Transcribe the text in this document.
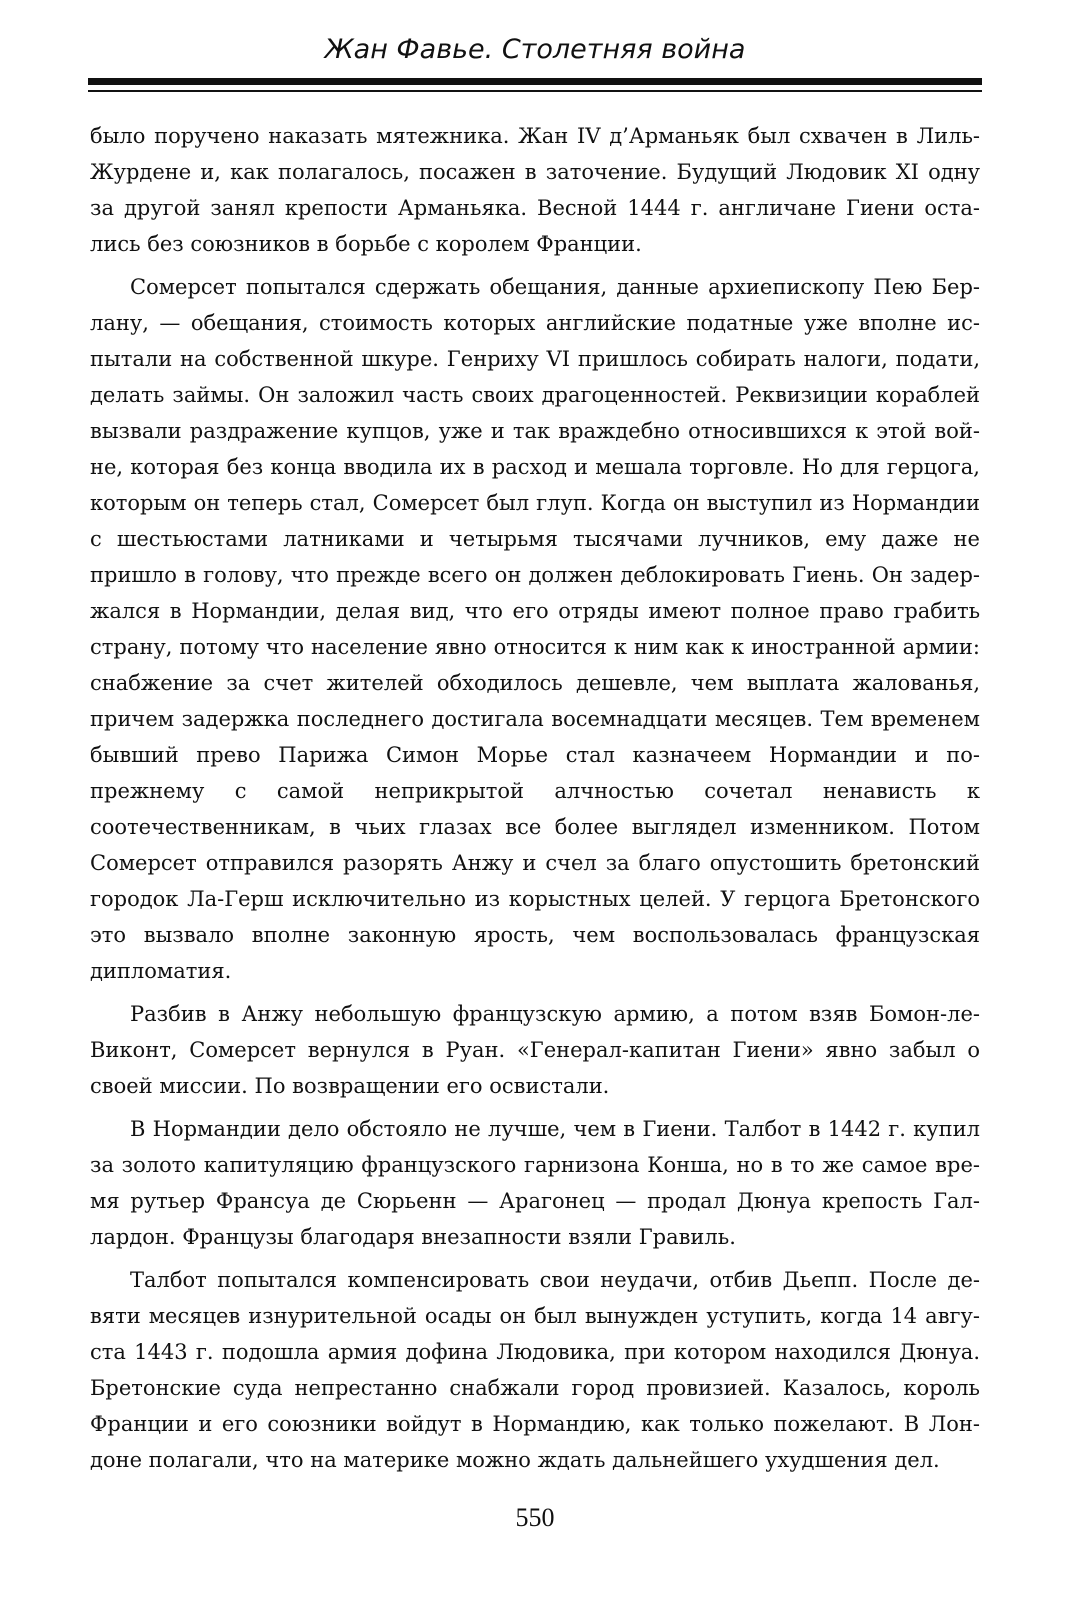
Жан Фавье. Столетняя война

было поручено наказать мятежника. Жан IV д’Арманьяк был схвачен в Лиль-Журдене и, как полагалось, посажен в заточение. Будущий Людовик XI одну за другой занял крепости Арманьяка. Весной 1444 г. англичане Гиени остались без союзников в борьбе с королем Франции.

Сомерсет попытался сдержать обещания, данные архиепископу Пею Берлану, — обещания, стоимость которых английские податные уже вполне испытали на собственной шкуре. Генриху VI пришлось собирать налоги, подати, делать займы. Он заложил часть своих драгоценностей. Реквизиции кораблей вызвали раздражение купцов, уже и так враждебно относившихся к этой войне, которая без конца вводила их в расход и мешала торговле. Но для герцога, которым он теперь стал, Сомерсет был глуп. Когда он выступил из Нормандии с шестьюстами латниками и четырьмя тысячами лучников, ему даже не пришло в голову, что прежде всего он должен деблокировать Гиень. Он задержался в Нормандии, делая вид, что его отряды имеют полное право грабить страну, потому что население явно относится к ним как к иностранной армии: снабжение за счет жителей обходилось дешевле, чем выплата жалованья, причем задержка последнего достигала восемнадцати месяцев. Тем временем бывший прево Парижа Симон Морье стал казначеем Нормандии и по-прежнему с самой неприкрытой алчностью сочетал ненависть к соотечественникам, в чьих глазах все более выглядел изменником. Потом Сомерсет отправился разорять Анжу и счел за благо опустошить бретонский городок Ла-Герш исключительно из корыстных целей. У герцога Бретонского это вызвало вполне законную ярость, чем воспользовалась французская дипломатия.

Разбив в Анжу небольшую французскую армию, а потом взяв Бомон-ле-Виконт, Сомерсет вернулся в Руан. «Генерал-капитан Гиени» явно забыл о своей миссии. По возвращении его освистали.

В Нормандии дело обстояло не лучше, чем в Гиени. Талбот в 1442 г. купил за золото капитуляцию французского гарнизона Конша, но в то же самое время рутьер Франсуа де Сюрьенн — Арагонец — продал Дюнуа крепость Галлардон. Французы благодаря внезапности взяли Гравиль.

Талбот попытался компенсировать свои неудачи, отбив Дьепп. После девяти месяцев изнурительной осады он был вынужден уступить, когда 14 августа 1443 г. подошла армия дофина Людовика, при котором находился Дюнуа. Бретонские суда непрестанно снабжали город провизией. Казалось, король Франции и его союзники войдут в Нормандию, как только пожелают. В Лондоне полагали, что на материке можно ждать дальнейшего ухудшения дел.

550
